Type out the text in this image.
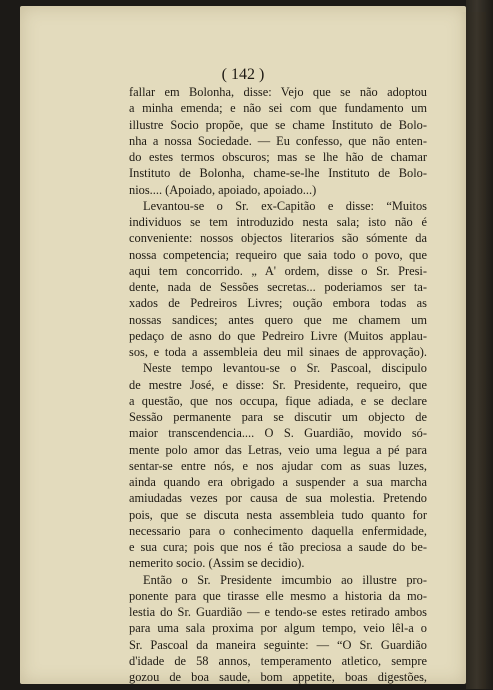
( 142 )
fallar em Bolonha, disse: Vejo que se não adoptou
a minha emenda; e não sei com que fundamento um
illustre Socio propõe, que se chame Instituto de Bolo-
nha a nossa Sociedade. — Eu confesso, que não enten-
do estes termos obscuros; mas se lhe hão de chamar
Instituto de Bolonha, chame-se-lhe Instituto de Bolo-
nios.... (Apoiado, apoiado, apoiado...)
Levantou-se o Sr. ex-Capitão e disse: “Muitos
individuos se tem introduzido nesta sala; isto não é
conveniente: nossos objectos literarios são sómente da
nossa competencia; requeiro que saia todo o povo, que
aqui tem concorrido. „ A' ordem, disse o Sr. Presi-
dente, nada de Sessões secretas... poderiamos ser ta-
xados de Pedreiros Livres; oução embora todas as
nossas sandices; antes quero que me chamem um
pedaço de asno do que Pedreiro Livre (Muitos applau-
sos, e toda a assembleia deu mil sinaes de approvação).
Neste tempo levantou-se o Sr. Pascoal, discipulo
de mestre José, e disse: Sr. Presidente, requeiro, que
a questão, que nos occupa, fique adiada, e se declare
Sessão permanente para se discutir um objecto de
maior transcendencia.... O S. Guardião, movido só-
mente polo amor das Letras, veio uma legua a pé para
sentar-se entre nós, e nos ajudar com as suas luzes,
ainda quando era obrigado a suspender a sua marcha
amiudadas vezes por causa de sua molestia. Pretendo
pois, que se discuta nesta assembleia tudo quanto for
necessario para o conhecimento daquella enfermidade,
e sua cura; pois que nos é tão preciosa a saude do be-
nemerito socio. (Assim se decidio).
Então o Sr. Presidente imcumbio ao illustre pro-
ponente para que tirasse elle mesmo a historia da mo-
lestia do Sr. Guardião — e tendo-se estes retirado ambos
para uma sala proxima por algum tempo, veio lêl-a o
Sr. Pascoal da maneira seguinte: — “O Sr. Guardião
d'idade de 58 annos, temperamento atletico, sempre
gozou de boa saude, bom appetite, boas digestões,
